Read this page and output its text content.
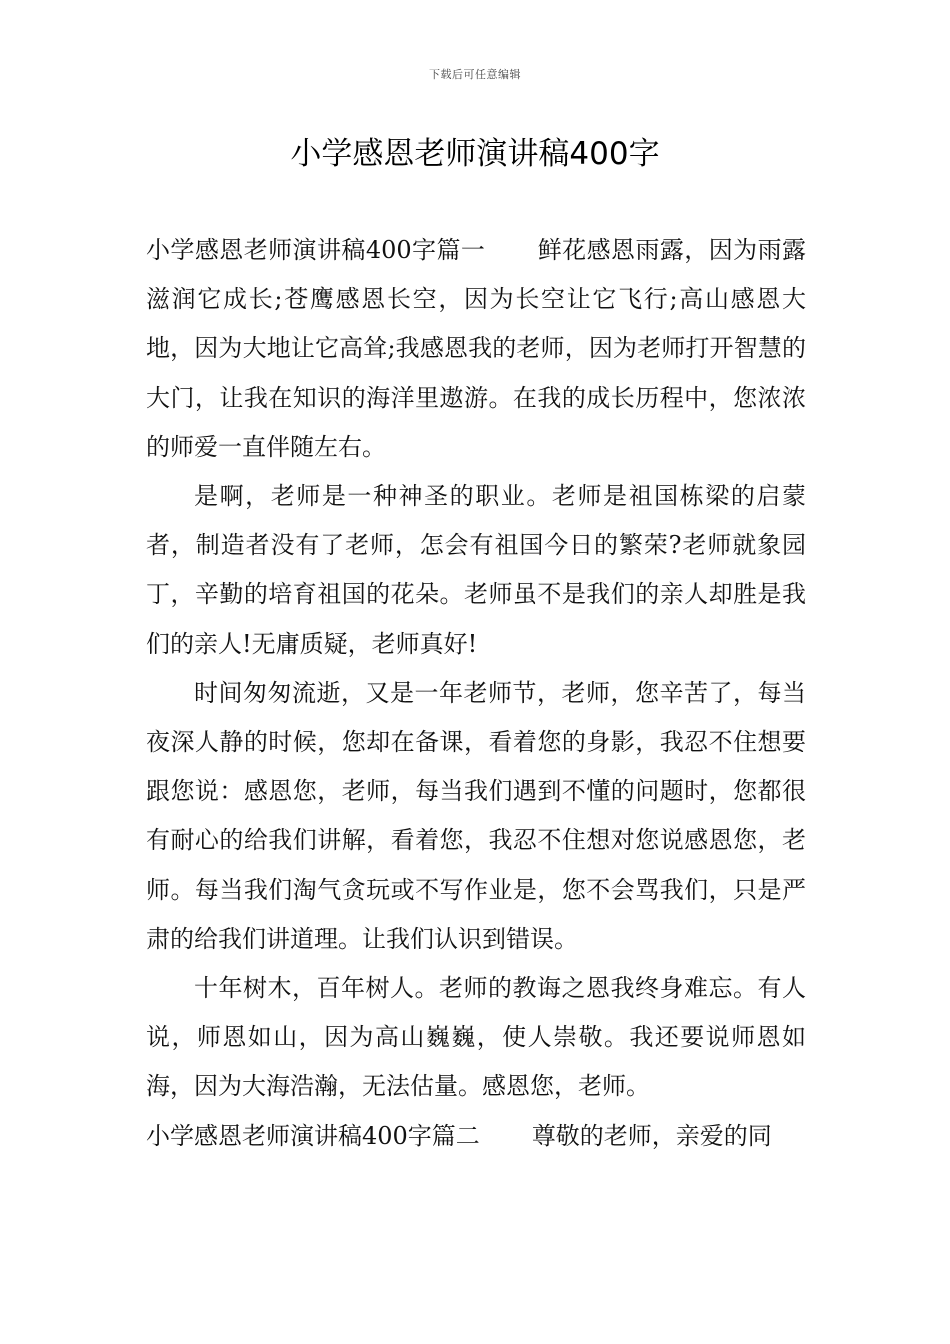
下载后可任意编辑
小学感恩老师演讲稿400字

小学感恩老师演讲稿400字篇一 鲜花感恩雨露，因为雨露滋润它成长;苍鹰感恩长空，因为长空让它飞行;高山感恩大地，因为大地让它高耸;我感恩我的老师，因为老师打开智慧的大门，让我在知识的海洋里遨游。在我的成长历程中，您浓浓的师爱一直伴随左右。

是啊，老师是一种神圣的职业。老师是祖国栋梁的启蒙者，制造者没有了老师，怎会有祖国今日的繁荣?老师就象园丁，辛勤的培育祖国的花朵。老师虽不是我们的亲人却胜是我们的亲人!无庸质疑，老师真好!

时间匆匆流逝，又是一年老师节，老师，您辛苦了，每当夜深人静的时候，您却在备课，看着您的身影，我忍不住想要跟您说：感恩您，老师，每当我们遇到不懂的问题时，您都很有耐心的给我们讲解，看着您，我忍不住想对您说感恩您，老师。每当我们淘气贪玩或不写作业是，您不会骂我们，只是严肃的给我们讲道理。让我们认识到错误。

十年树木，百年树人。老师的教诲之恩我终身难忘。有人说，师恩如山，因为高山巍巍，使人崇敬。我还要说师恩如海，因为大海浩瀚，无法估量。感恩您，老师。

小学感恩老师演讲稿400字篇二 尊敬的老师，亲爱的同
